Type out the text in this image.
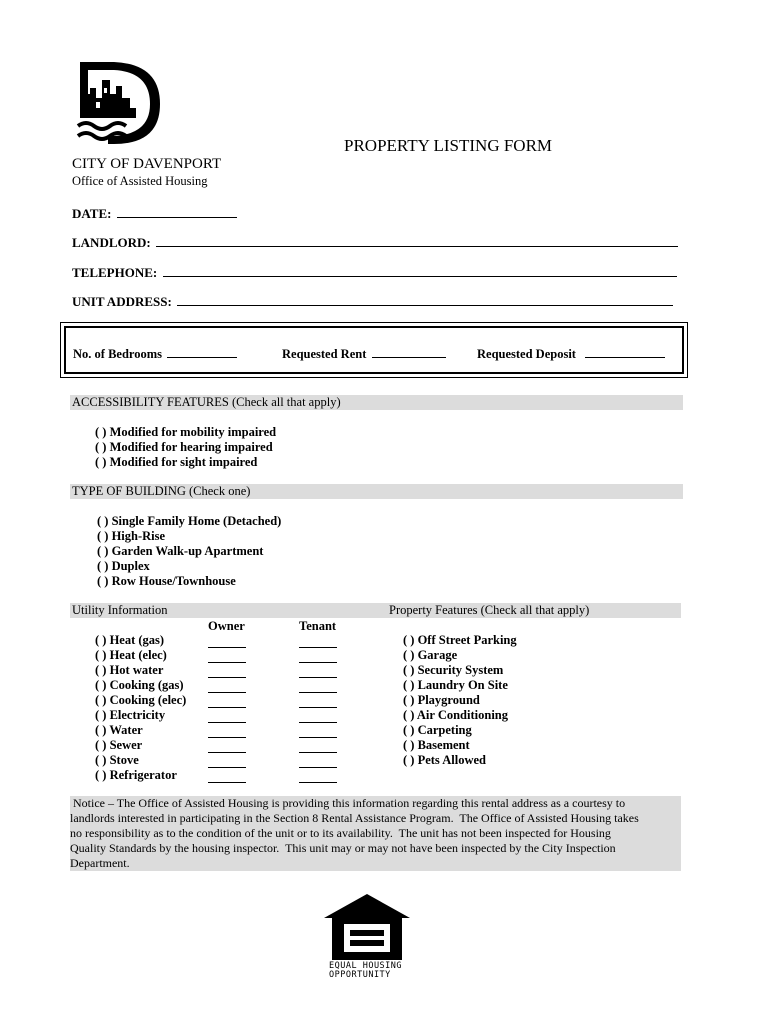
PROPERTY LISTING FORM
CITY OF DAVENPORT
Office of Assisted Housing
DATE:
LANDLORD:
TELEPHONE:
UNIT ADDRESS:
No. of Bedrooms	Requested Rent	Requested Deposit
ACCESSIBILITY FEATURES (Check all that apply)
( ) Modified for mobility impaired
( ) Modified for hearing impaired
( ) Modified for sight impaired
TYPE OF BUILDING (Check one)
( ) Single Family Home (Detached)
( ) High-Rise
( ) Garden Walk-up Apartment
( ) Duplex
( ) Row House/Townhouse
Utility Information	Property Features (Check all that apply)
Owner	Tenant
( ) Heat (gas)
( ) Heat (elec)
( ) Hot water
( ) Cooking (gas)
( ) Cooking (elec)
( ) Electricity
( ) Water
( ) Sewer
( ) Stove
( ) Refrigerator
( ) Off Street Parking
( ) Garage
( ) Security System
( ) Laundry On Site
( ) Playground
( ) Air Conditioning
( ) Carpeting
( ) Basement
( ) Pets Allowed
Notice – The Office of Assisted Housing is providing this information regarding this rental address as a courtesy to
landlords interested in participating in the Section 8 Rental Assistance Program.  The Office of Assisted Housing takes
no responsibility as to the condition of the unit or to its availability.  The unit has not been inspected for Housing
Quality Standards by the housing inspector.  This unit may or may not have been inspected by the City Inspection
Department.
EQUAL HOUSING
OPPORTUNITY
